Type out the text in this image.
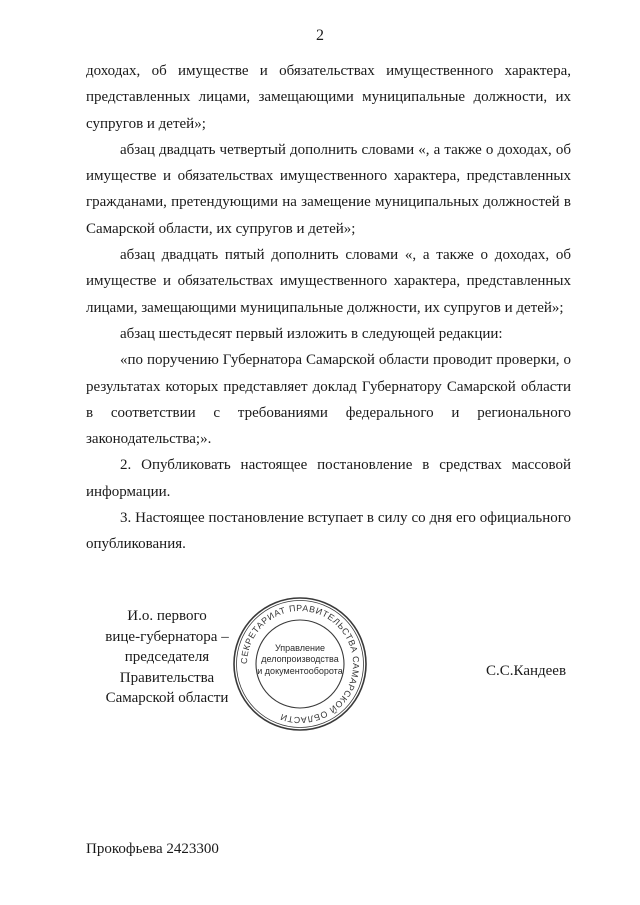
2

доходах, об имуществе и обязательствах имущественного характера, представленных лицами, замещающими муниципальные должности, их супругов и детей»;

абзац двадцать четвертый дополнить словами «, а также о доходах, об имуществе и обязательствах имущественного характера, представленных гражданами, претендующими на замещение муниципальных должностей в Самарской области, их супругов и детей»;

абзац двадцать пятый дополнить словами «, а также о доходах, об имуществе и обязательствах имущественного характера, представленных лицами, замещающими муниципальные должности, их супругов и детей»;

абзац шестьдесят первый изложить в следующей редакции:

«по поручению Губернатора Самарской области проводит проверки, о результатах которых представляет доклад Губернатору Самарской области в соответствии с требованиями федерального и регионального законодательства;».

2. Опубликовать настоящее постановление в средствах массовой информации.

3. Настоящее постановление вступает в силу со дня его официального опубликования.

И.о. первого
вице-губернатора –
председателя Правительства
Самарской области
СЕКРЕТАРИАТ ПРАВИТЕЛЬСТВА САМАРСКОЙ ОБЛАСТИ
Управление
делопроизводства
и документооборота	С.С.Кандеев
Прокофьева 2423300
